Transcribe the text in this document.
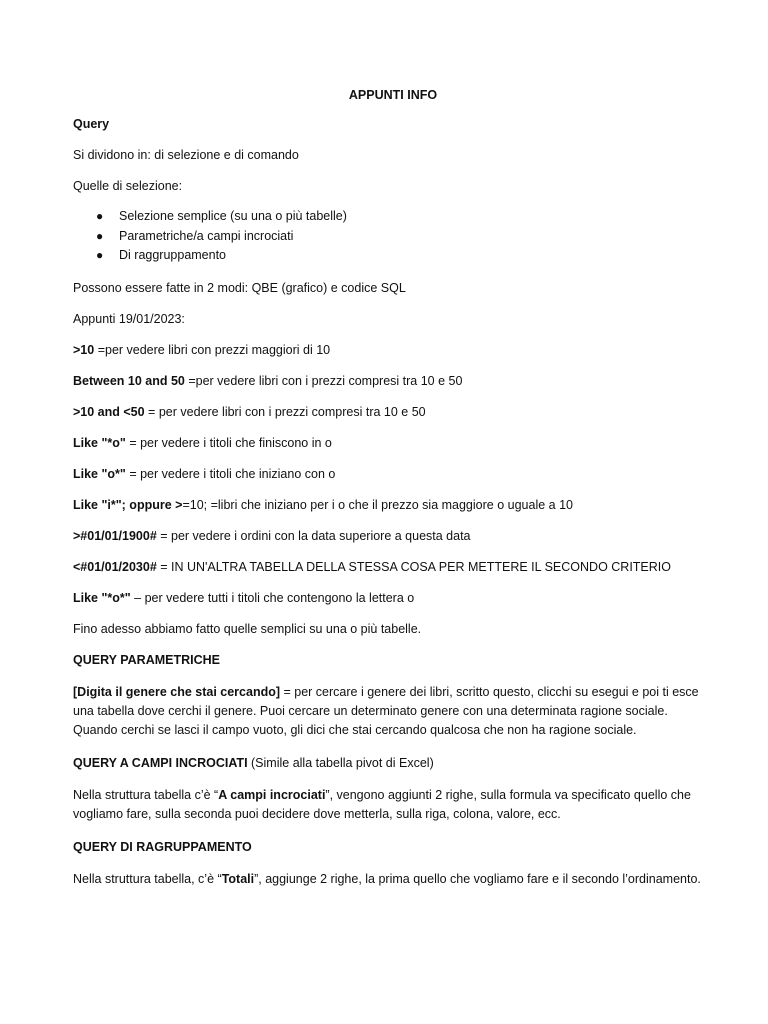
APPUNTI INFO

Query

Si dividono in: di selezione e di comando

Quelle di selezione:

● Selezione semplice (su una o più tabelle)
● Parametriche/a campi incrociati
● Di raggruppamento

Possono essere fatte in 2 modi: QBE (grafico) e codice SQL

Appunti 19/01/2023:

>10 =per vedere libri con prezzi maggiori di 10

Between 10 and 50 =per vedere libri con i prezzi compresi tra 10 e 50

>10 and <50 = per vedere libri con i prezzi compresi tra 10 e 50

Like "*o" = per vedere i titoli che finiscono in o

Like "o*" = per vedere i titoli che iniziano con o

Like "i*"; oppure >=10; =libri che iniziano per i o che il prezzo sia maggiore o uguale a 10

>#01/01/1900# = per vedere i ordini con la data superiore a questa data

<#01/01/2030# = IN UN'ALTRA TABELLA DELLA STESSA COSA PER METTERE IL SECONDO CRITERIO

Like "*o*" – per vedere tutti i titoli che contengono la lettera o

Fino adesso abbiamo fatto quelle semplici su una o più tabelle.

QUERY PARAMETRICHE

[Digita il genere che stai cercando] = per cercare i genere dei libri, scritto questo, clicchi su esegui e poi ti esce una tabella dove cerchi il genere. Puoi cercare un determinato genere con una determinata ragione sociale. Quando cerchi se lasci il campo vuoto, gli dici che stai cercando qualcosa che non ha ragione sociale.

QUERY A CAMPI INCROCIATI (Simile alla tabella pivot di Excel)

Nella struttura tabella c’è “A campi incrociati”, vengono aggiunti 2 righe, sulla formula va specificato quello che vogliamo fare, sulla seconda puoi decidere dove metterla, sulla riga, colona, valore, ecc.

QUERY DI RAGRUPPAMENTO

Nella struttura tabella, c’è “Totali”, aggiunge 2 righe, la prima quello che vogliamo fare e il secondo l’ordinamento.
